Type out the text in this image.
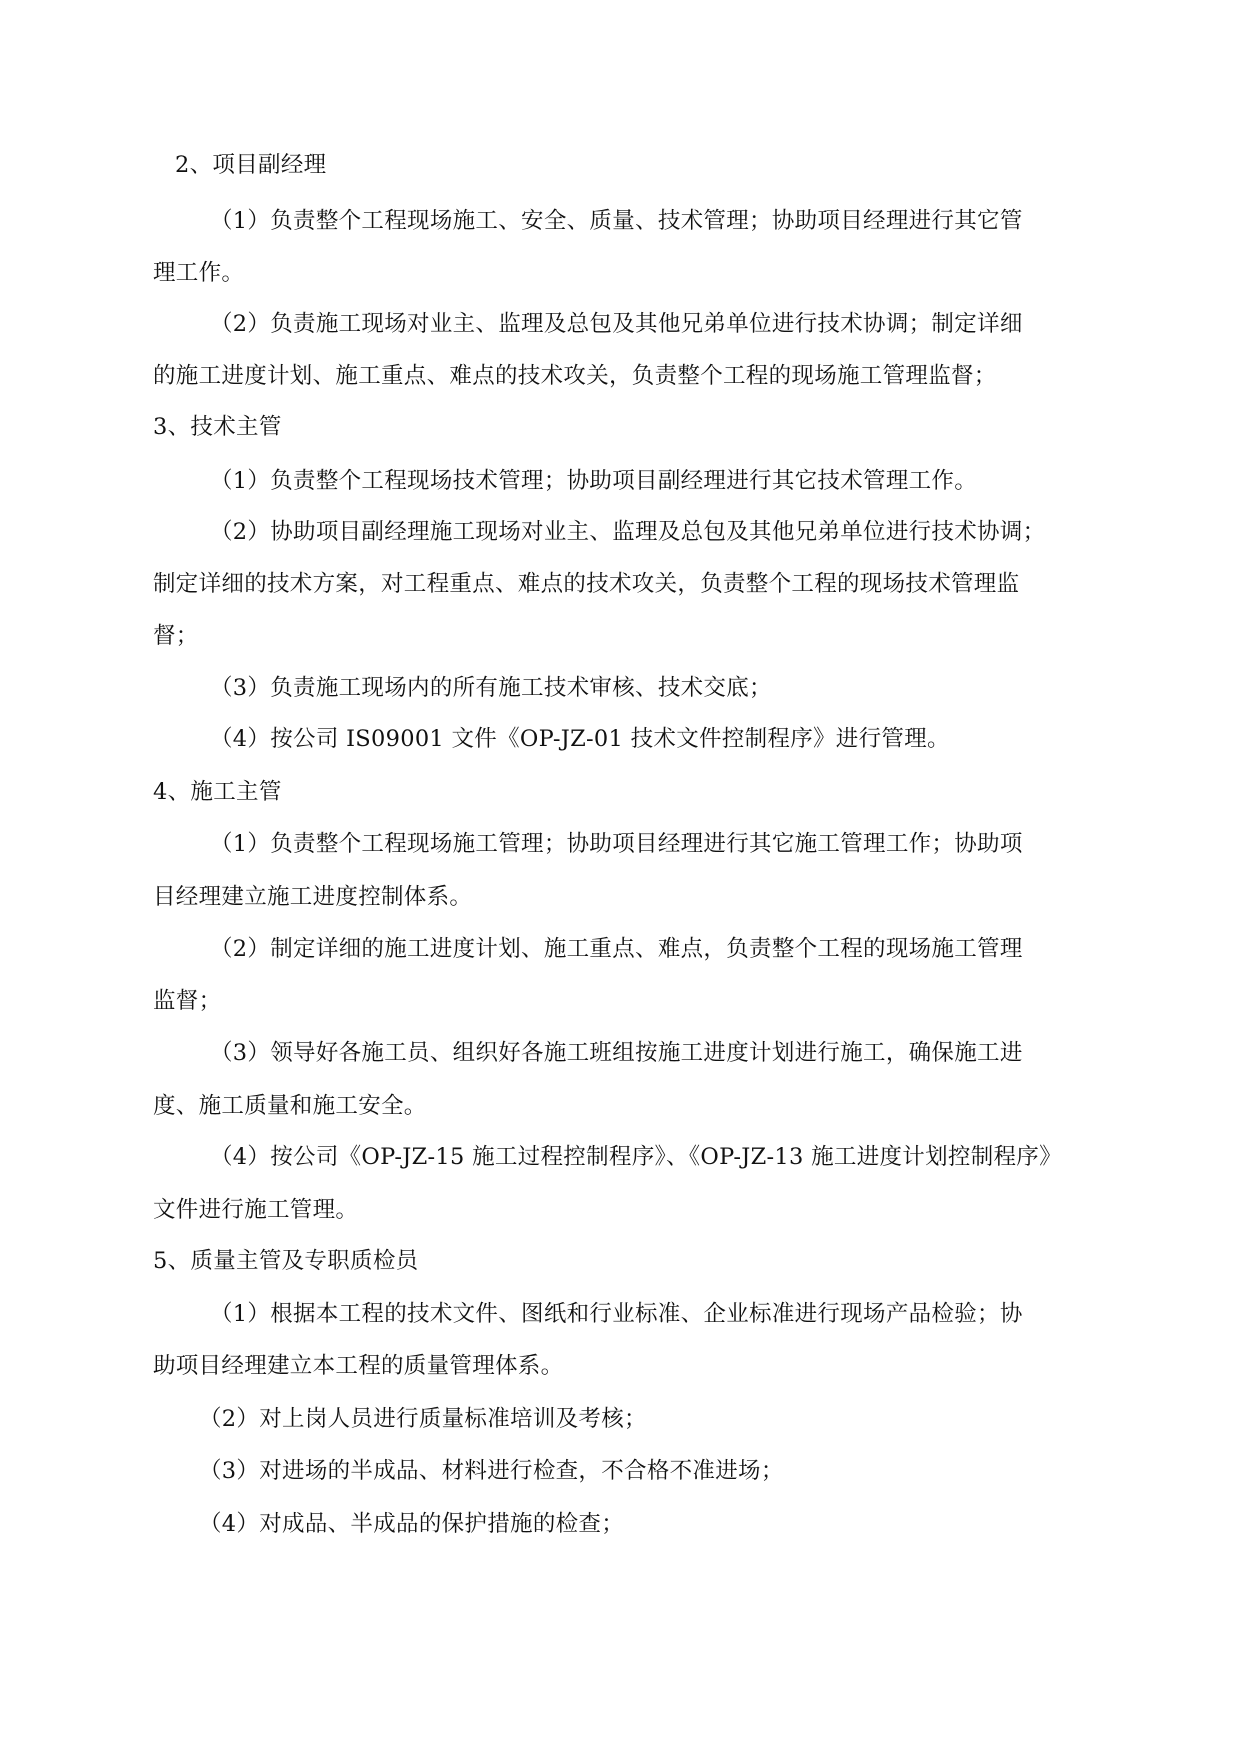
2、项目副经理
（1）负责整个工程现场施工、安全、质量、技术管理；协助项目经理进行其它管
理工作。
（2）负责施工现场对业主、监理及总包及其他兄弟单位进行技术协调；制定详细
的施工进度计划、施工重点、难点的技术攻关，负责整个工程的现场施工管理监督；
3、技术主管
（1）负责整个工程现场技术管理；协助项目副经理进行其它技术管理工作。
（2）协助项目副经理施工现场对业主、监理及总包及其他兄弟单位进行技术协调；
制定详细的技术方案，对工程重点、难点的技术攻关，负责整个工程的现场技术管理监
督；
（3）负责施工现场内的所有施工技术审核、技术交底；
（4）按公司 IS09001 文件《OP-JZ-01 技术文件控制程序》进行管理。
4、施工主管
（1）负责整个工程现场施工管理；协助项目经理进行其它施工管理工作；协助项
目经理建立施工进度控制体系。
（2）制定详细的施工进度计划、施工重点、难点，负责整个工程的现场施工管理
监督；
（3）领导好各施工员、组织好各施工班组按施工进度计划进行施工，确保施工进
度、施工质量和施工安全。
（4）按公司《OP-JZ-15 施工过程控制程序》、《OP-JZ-13 施工进度计划控制程序》
文件进行施工管理。
5、质量主管及专职质检员
（1）根据本工程的技术文件、图纸和行业标准、企业标准进行现场产品检验；协
助项目经理建立本工程的质量管理体系。
（2）对上岗人员进行质量标准培训及考核；
（3）对进场的半成品、材料进行检查，不合格不准进场；
（4）对成品、半成品的保护措施的检查；
